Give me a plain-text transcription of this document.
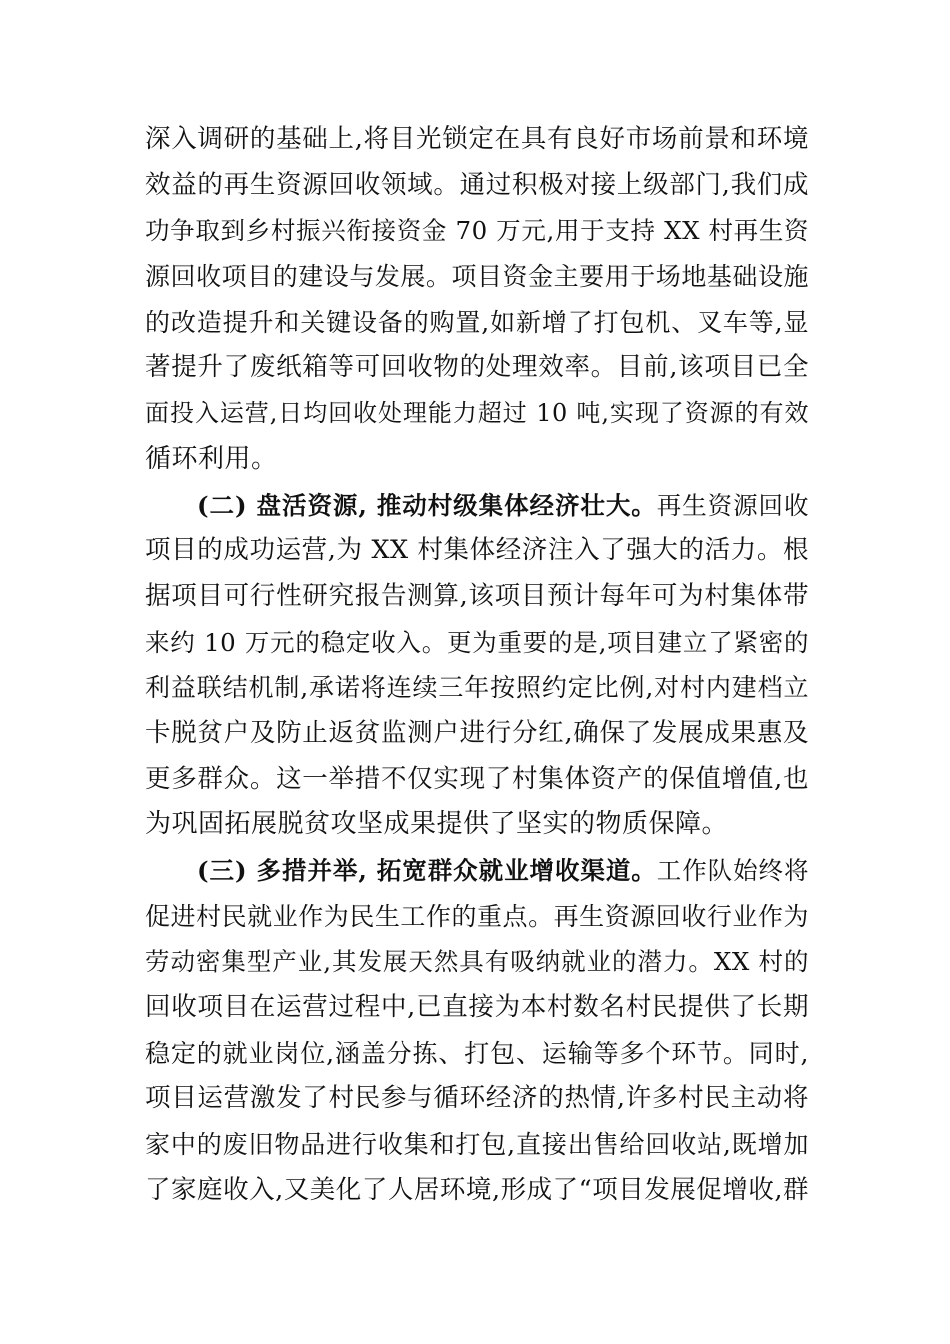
深入调研的基础上,将目光锁定在具有良好市场前景和环境
效益的再生资源回收领域。通过积极对接上级部门,我们成
功争取到乡村振兴衔接资金 70 万元,用于支持 XX 村再生资
源回收项目的建设与发展。项目资金主要用于场地基础设施
的改造提升和关键设备的购置,如新增了打包机、叉车等,显
著提升了废纸箱等可回收物的处理效率。目前,该项目已全
面投入运营,日均回收处理能力超过 10 吨,实现了资源的有效
循环利用。
(二) 盘活资源, 推动村级集体经济壮大。再生资源回收
项目的成功运营,为 XX 村集体经济注入了强大的活力。根
据项目可行性研究报告测算,该项目预计每年可为村集体带
来约 10 万元的稳定收入。更为重要的是,项目建立了紧密的
利益联结机制,承诺将连续三年按照约定比例,对村内建档立
卡脱贫户及防止返贫监测户进行分红,确保了发展成果惠及
更多群众。这一举措不仅实现了村集体资产的保值增值,也
为巩固拓展脱贫攻坚成果提供了坚实的物质保障。
(三) 多措并举, 拓宽群众就业增收渠道。工作队始终将
促进村民就业作为民生工作的重点。再生资源回收行业作为
劳动密集型产业,其发展天然具有吸纳就业的潜力。XX 村的
回收项目在运营过程中,已直接为本村数名村民提供了长期
稳定的就业岗位,涵盖分拣、打包、运输等多个环节。同时,
项目运营激发了村民参与循环经济的热情,许多村民主动将
家中的废旧物品进行收集和打包,直接出售给回收站,既增加
了家庭收入,又美化了人居环境,形成了“项目发展促增收,群
